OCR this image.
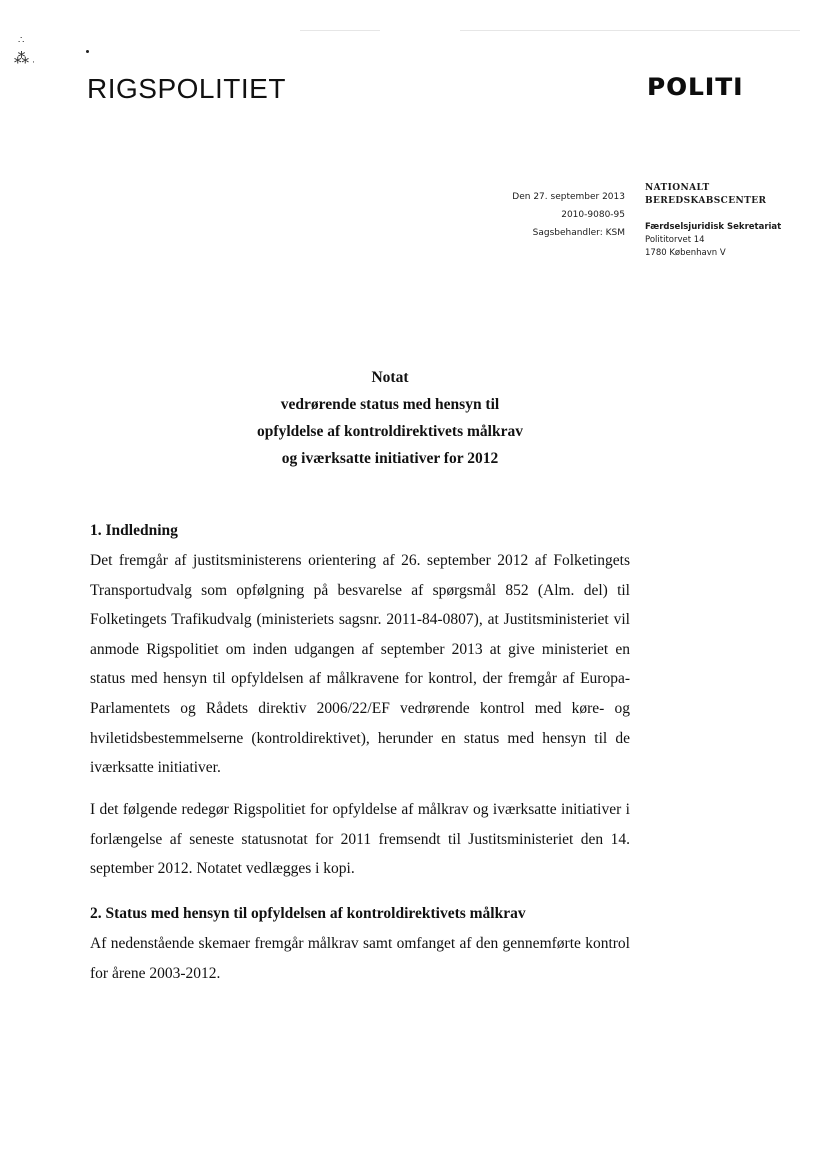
∴
⁂ ·
RIGSPOLITIET	POLITI
Den 27. september 2013
2010-9080-95
Sagsbehandler: KSM
NATIONALT
BEREDSKABSCENTER
Færdselsjuridisk Sekretariat
Polititorvet 14
1780 København V
Notat
vedrørende status med hensyn til
opfyldelse af kontroldirektivets målkrav
og iværksatte initiativer for 2012
1. Indledning

Det fremgår af justitsministerens orientering af 26. september 2012 af Folketingets Transportudvalg som opfølgning på besvarelse af spørgsmål 852 (Alm. del) til Folketingets Trafikudvalg (ministeriets sagsnr. 2011-84-0807), at Justitsministeriet vil anmode Rigspolitiet om inden udgangen af september 2013 at give ministeriet en status med hensyn til opfyldelsen af målkravene for kontrol, der fremgår af Europa-Parlamentets og Rådets direktiv 2006/22/EF vedrørende kontrol med køre- og hviletidsbestemmelserne (kontroldirektivet), herunder en status med hensyn til de iværksatte initiativer.

I det følgende redegør Rigspolitiet for opfyldelse af målkrav og iværksatte initiativer i forlængelse af seneste statusnotat for 2011 fremsendt til Justitsministeriet den 14. september 2012. Notatet vedlægges i kopi.

2. Status med hensyn til opfyldelsen af kontroldirektivets målkrav

Af nedenstående skemaer fremgår målkrav samt omfanget af den gennemførte kontrol for årene 2003-2012.
